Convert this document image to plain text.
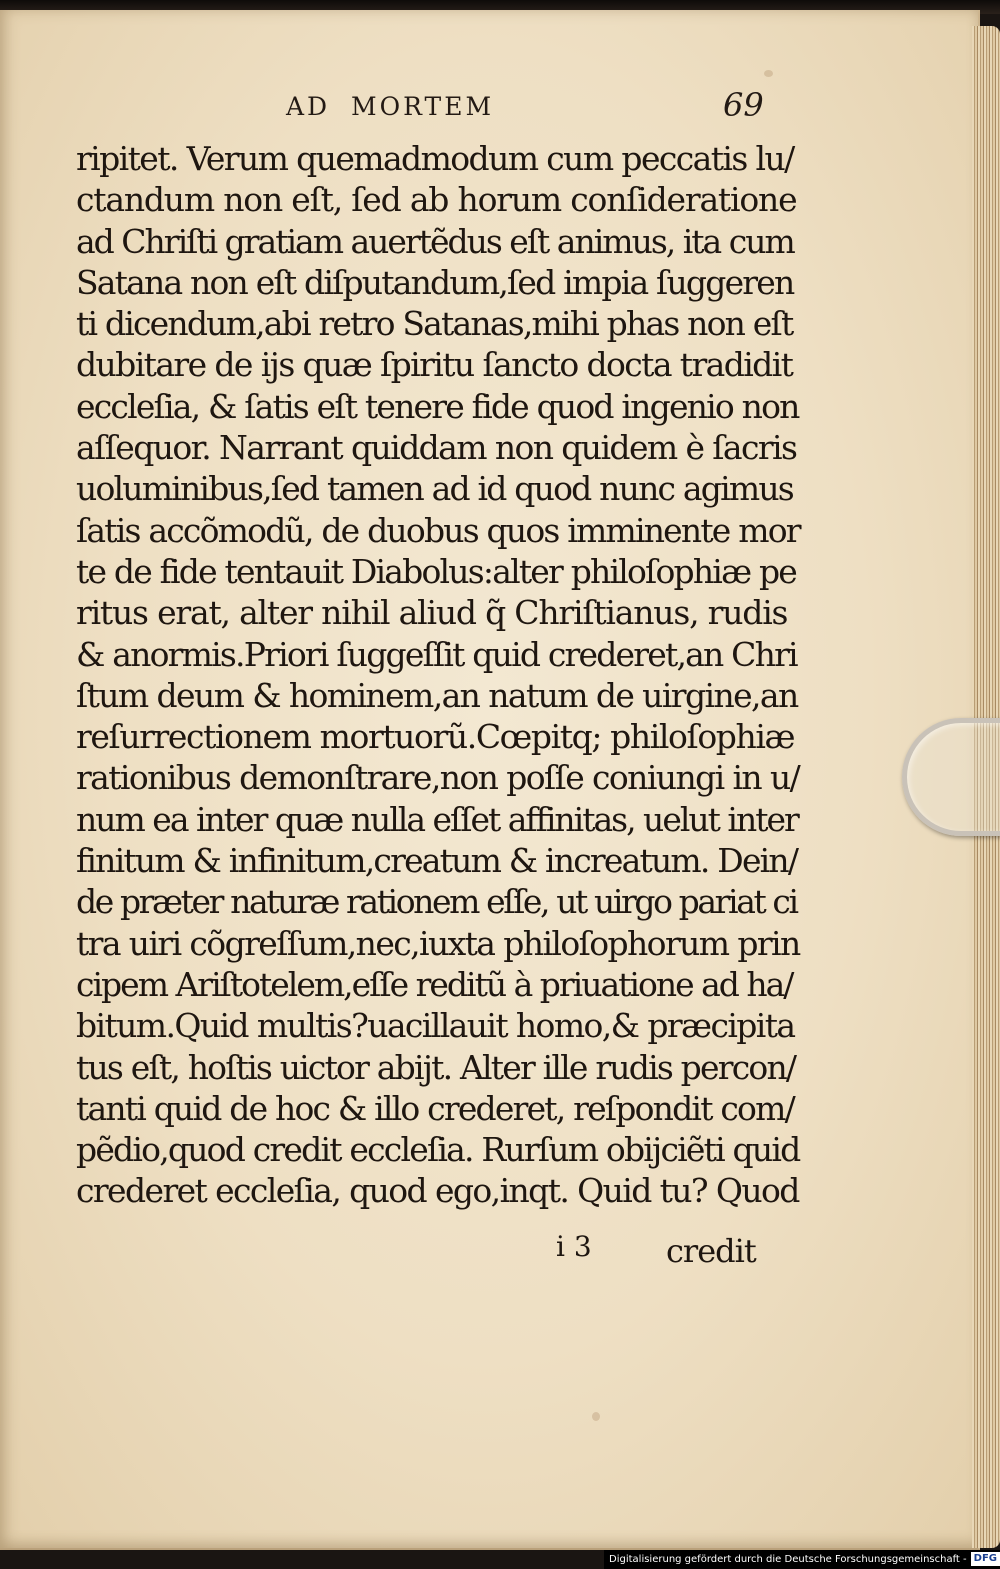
AD MORTEM	69
ripitet. Verum quemadmodum cum peccatis lu/
ctandum non eſt, ſed ab horum conſideratione
ad Chriſti gratiam auertẽdus eſt animus, ita cum
Satana non eſt diſputandum,ſed impia ſuggeren
ti dicendum,abi retro Satanas,mihi phas non eſt
dubitare de ijs quæ ſpiritu ſancto docta tradidit
eccleſia, & ſatis eſt tenere fide quod ingenio non
aſſequor. Narrant quiddam non quidem è ſacris
uoluminibus,ſed tamen ad id quod nunc agimus
ſatis accõmodũ, de duobus quos imminente mor
te de fide tentauit Diabolus:alter philoſophiæ pe
ritus erat, alter nihil aliud q̃ Chriſtianus, rudis
& anormis.Priori ſuggeſſit quid crederet,an Chri
ſtum deum & hominem,an natum de uirgine,an
reſurrectionem mortuorũ.Cœpitq; philoſophiæ
rationibus demonſtrare,non poſſe coniungi in u/
num ea inter quæ nulla eſſet affinitas, uelut inter
finitum & infinitum,creatum & increatum. Dein/
de præter naturæ rationem eſſe, ut uirgo pariat ci
tra uiri cõgreſſum,nec,iuxta philoſophorum prin
cipem Ariſtotelem,eſſe reditũ à priuatione ad ha/
bitum.Quid multis?uacillauit homo,& præcipita
tus eſt, hoſtis uictor abijt. Alter ille rudis percon/
tanti quid de hoc & illo crederet, reſpondit com/
pẽdio,quod credit eccleſia. Rurſum obijciẽti quid
crederet eccleſia, quod ego,inqt. Quid tu? Quod
i 3 credit
Digitalisierung gefördert durch die Deutsche Forschungsgemeinschaft - DFG
